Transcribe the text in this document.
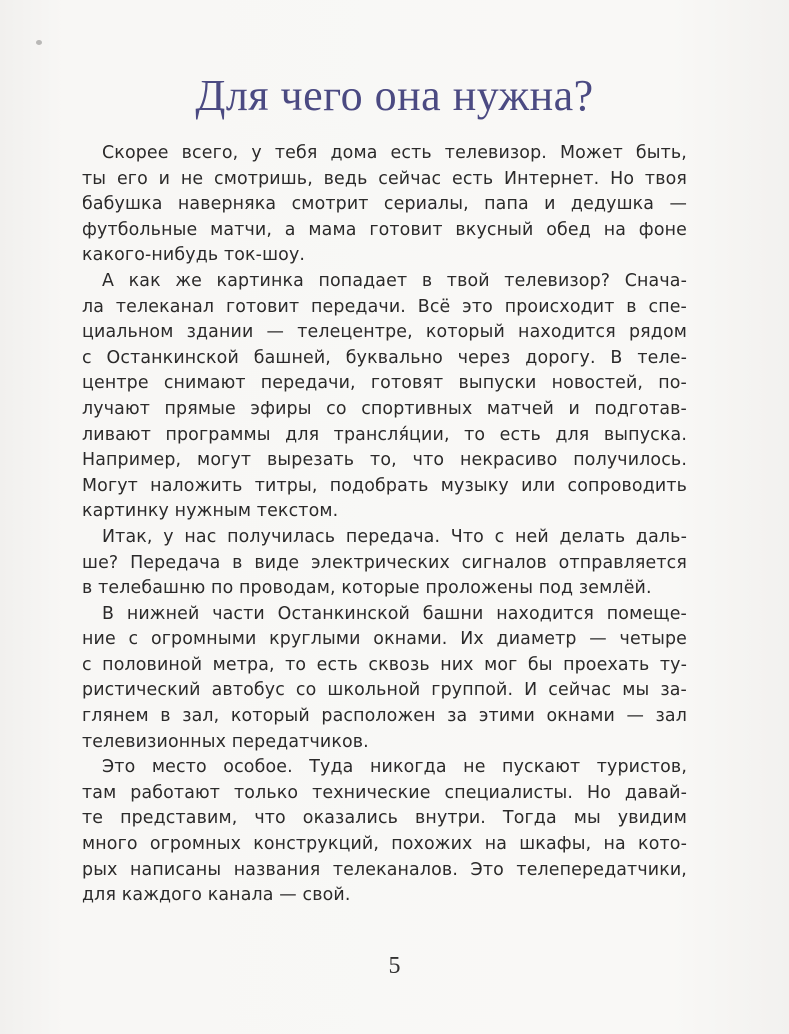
Для чего она нужна?

Скорее всего, у тебя дома есть телевизор. Может быть,
ты его и не смотришь, ведь сейчас есть Интернет. Но твоя
бабушка наверняка смотрит сериалы, папа и дедушка —
футбольные матчи, а мама готовит вкусный обед на фоне
какого-нибудь ток-шоу.

А как же картинка попадает в твой телевизор? Снача-
ла телеканал готовит передачи. Всё это происходит в спе-
циальном здании — телецентре, который находится рядом
с Останкинской башней, буквально через дорогу. В теле-
центре снимают передачи, готовят выпуски новостей, по-
лучают прямые эфиры со спортивных матчей и подготав-
ливают программы для трансля́ции, то есть для выпуска.
Например, могут вырезать то, что некрасиво получилось.
Могут наложить титры, подобрать музыку или сопроводить
картинку нужным текстом.

Итак, у нас получилась передача. Что с ней делать даль-
ше? Передача в виде электрических сигналов отправляется
в телебашню по проводам, которые проложены под землёй.

В нижней части Останкинской башни находится помеще-
ние с огромными круглыми окнами. Их диаметр — четыре
с половиной метра, то есть сквозь них мог бы проехать ту-
ристический автобус со школьной группой. И сейчас мы за-
глянем в зал, который расположен за этими окнами — зал
телевизионных передатчиков.

Это место особое. Туда никогда не пускают туристов,
там работают только технические специалисты. Но давай-
те представим, что оказались внутри. Тогда мы увидим
много огромных конструкций, похожих на шкафы, на кото-
рых написаны названия телеканалов. Это телепередатчики,
для каждого канала — свой.

5
